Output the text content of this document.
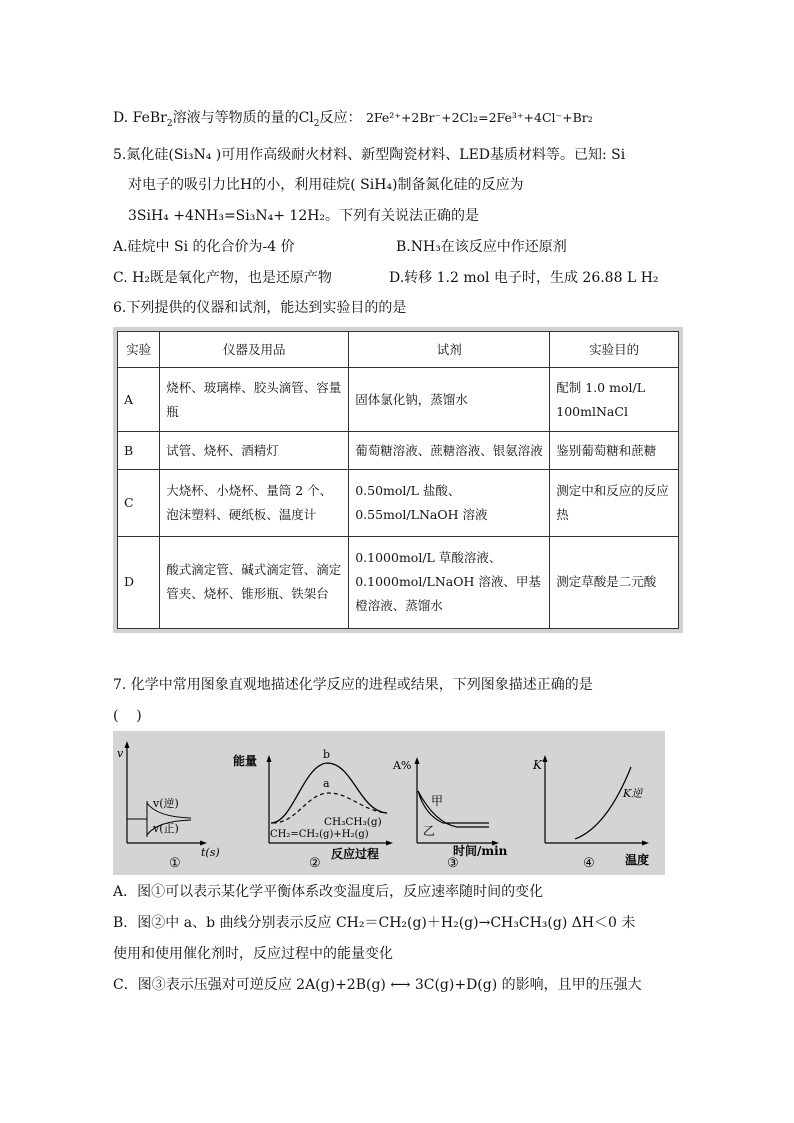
D. FeBr$_2$溶液与等物质的量的$Cl_2$反应： 2Fe²⁺+2Br⁻+2Cl₂=2Fe³⁺+4Cl⁻+Br₂
5.氮化硅(Si₃N₄ )可用作高级耐火材料、新型陶瓷材料、LED基质材料等。已知: Si
对电子的吸引力比H的小，利用硅烷( SiH₄)制备氮化硅的反应为
3SiH₄ +4NH₃=Si₃N₄+ 12H₂。下列有关说法正确的是
A.硅烷中 Si 的化合价为-4 价	B.NH₃在该反应中作还原剂
C. H₂既是氧化产物，也是还原产物	D.转移 1.2 mol 电子时，生成 26.88 L H₂
6.下列提供的仪器和试剂，能达到实验目的的是
实验	仪器及用品	试剂	实验目的
A	烧杯、玻璃棒、胶头滴管、容量瓶	固体氯化钠，蒸馏水	配制 1.0 mol/L 100mlNaCl
B	试管、烧杯、酒精灯	葡萄糖溶液、蔗糖溶液、银氨溶液	鉴别葡萄糖和蔗糖
C	大烧杯、小烧杯、量筒 2 个、泡沫塑料、硬纸板、温度计	0.50mol/L 盐酸、0.55mol/LNaOH 溶液	测定中和反应的反应热
D	酸式滴定管、碱式滴定管、滴定管夹、烧杯、锥形瓶、铁架台	0.1000mol/L 草酸溶液、0.1000mol/LNaOH 溶液、甲基橙溶液、蒸馏水	测定草酸是二元酸
7. 化学中常用图象直观地描述化学反应的进程或结果，下列图象描述正确的是
(    )
v
v(逆)
v(正)
t(s)
①
能量	b
a
CH₃CH₃(g)
CH₂=CH₂(g)+H₂(g)
反应过程
②
A%
甲
乙
时间/min
③
K
K逆
温度
④
A．图①可以表示某化学平衡体系改变温度后，反应速率随时间的变化
B．图②中 a、b 曲线分别表示反应 CH₂＝CH₂(g)＋H₂(g)→CH₃CH₃(g) ΔH＜0 未
使用和使用催化剂时，反应过程中的能量变化
C．图③表示压强对可逆反应 2A(g)+2B(g) ⟷ 3C(g)+D(g) 的影响，且甲的压强大
